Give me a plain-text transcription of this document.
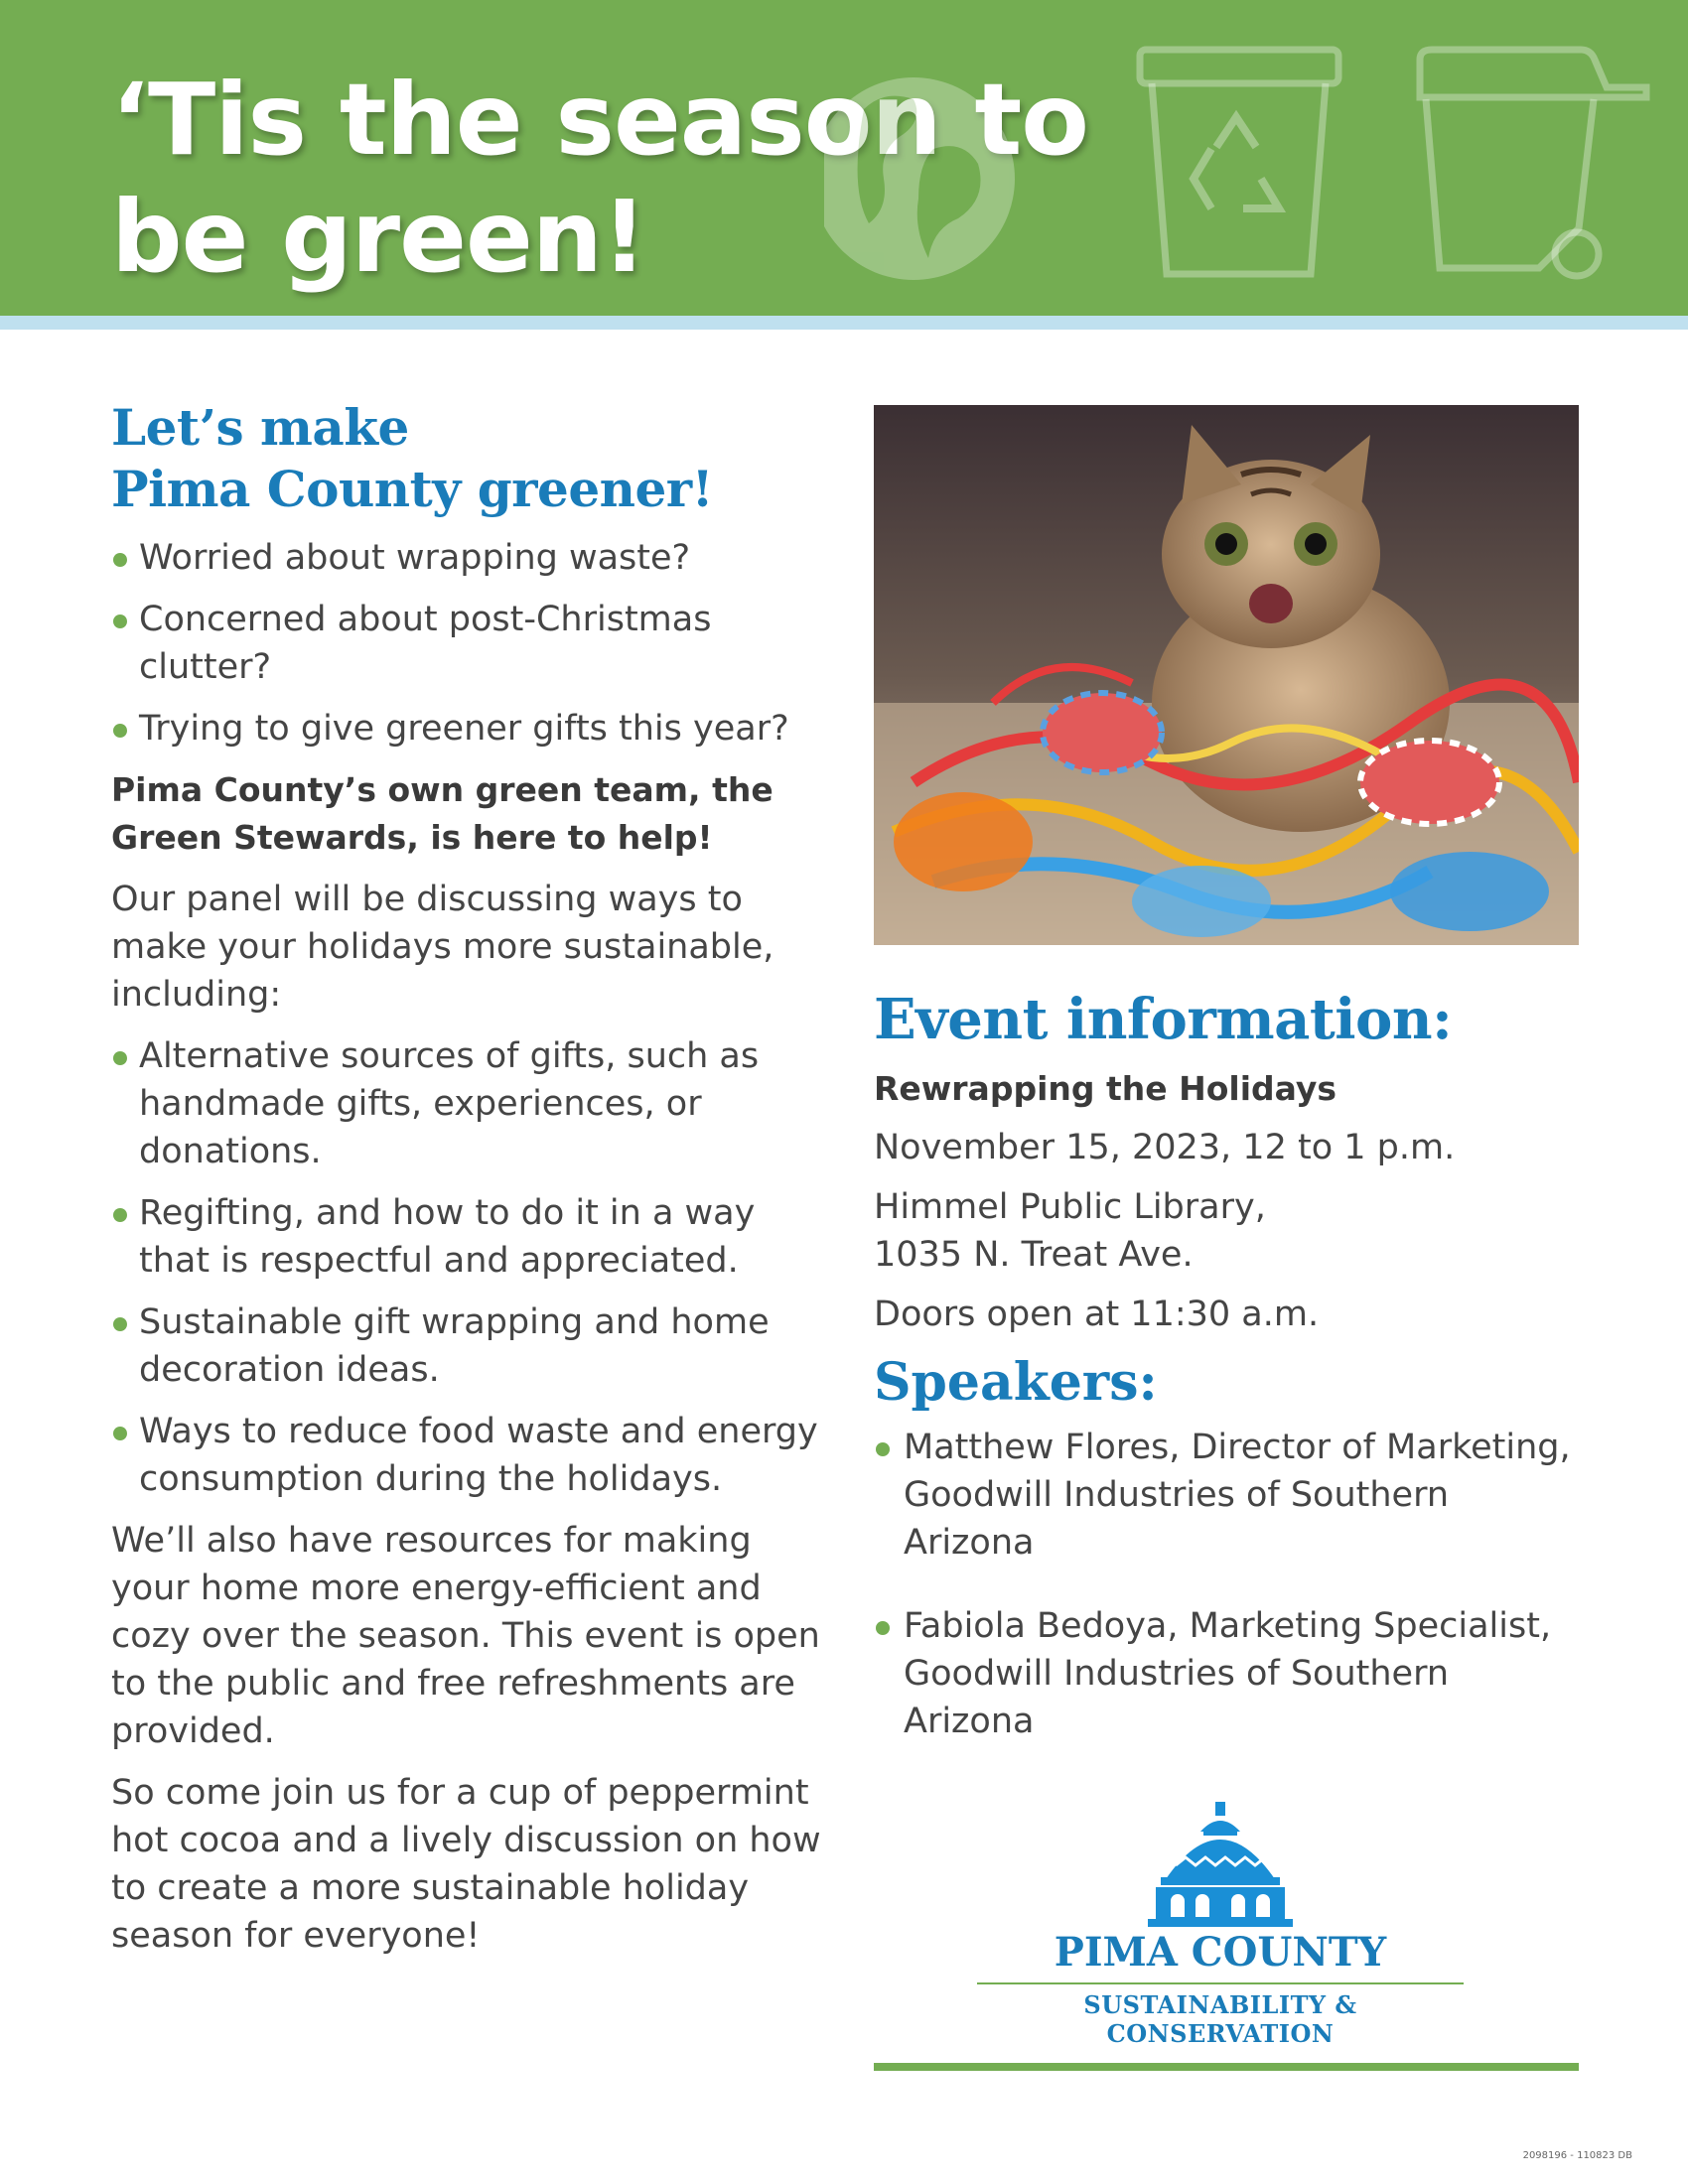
‘Tis the season to
be green!
Let’s make
Pima County greener!
Worried about wrapping waste?
Concerned about post-Christmas clutter?
Trying to give greener gifts this year?

Pima County’s own green team, the Green Stewards, is here to help!

Our panel will be discussing ways to make your holidays more sustainable, including:

Alternative sources of gifts, such as handmade gifts, experiences, or donations.
Regifting, and how to do it in a way that is respectful and appreciated.
Sustainable gift wrapping and home decoration ideas.
Ways to reduce food waste and energy consumption during the holidays.

We’ll also have resources for making your home more energy-efficient and cozy over the season. This event is open to the public and free refreshments are provided.

So come join us for a cup of peppermint hot cocoa and a lively discussion on how to create a more sustainable holiday season for everyone!

Event information:

Rewrapping the Holidays

November 15, 2023, 12 to 1 p.m.

Himmel Public Library,
1035 N. Treat Ave.

Doors open at 11:30 a.m.

Speakers:
Matthew Flores, Director of Marketing, Goodwill Industries of Southern Arizona
Fabiola Bedoya, Marketing Specialist, Goodwill Industries of Southern Arizona
PIMA COUNTY
SUSTAINABILITY & CONSERVATION
2098196 - 110823 DB
